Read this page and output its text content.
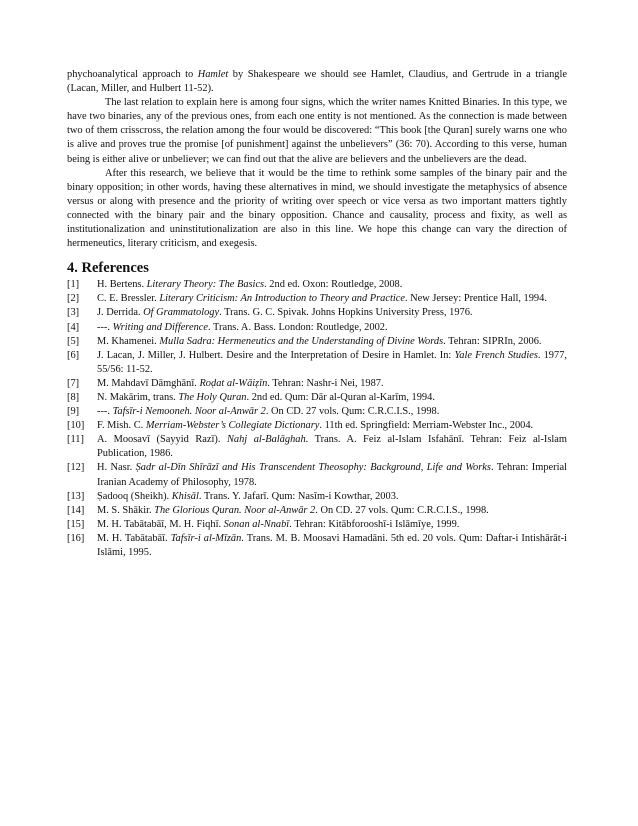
phychoanalytical approach to Hamlet by Shakespeare we should see Hamlet, Claudius, and Gertrude in a triangle (Lacan, Miller, and Hulbert 11-52).

The last relation to explain here is among four signs, which the writer names Knitted Binaries. In this type, we have two binaries, any of the previous ones, from each one entity is not mentioned. As the connection is made between two of them crisscross, the relation among the four would be discovered: “This book [the Quran] surely warns one who is alive and proves true the promise [of punishment] against the unbelievers” (36: 70). According to this verse, human being is either alive or unbeliever; we can find out that the alive are believers and the unbelievers are the dead.

After this research, we believe that it would be the time to rethink some samples of the binary pair and the binary opposition; in other words, having these alternatives in mind, we should investigate the metaphysics of absence versus or along with presence and the priority of writing over speech or vice versa as two important matters tightly connected with the binary pair and the binary opposition. Chance and causality, process and fixity, as well as institutionalization and uninstitutionalization are also in this line. We hope this change can vary the direction of hermeneutics, literary criticism, and exegesis.

4. References
[1]	H. Bertens. Literary Theory: The Basics. 2nd ed. Oxon: Routledge, 2008.
[2]	C. E. Bressler. Literary Criticism: An Introduction to Theory and Practice. New Jersey: Prentice Hall, 1994.
[3]	J. Derrida. Of Grammatology. Trans. G. C. Spivak. Johns Hopkins University Press, 1976.
[4]	---. Writing and Difference. Trans. A. Bass. London: Routledge, 2002.
[5]	M. Khamenei. Mulla Sadra: Hermeneutics and the Understanding of Divine Words. Tehran: SIPRIn, 2006.
[6]	J. Lacan, J. Miller, J. Hulbert. Desire and the Interpretation of Desire in Hamlet. In: Yale French Studies. 1977, 55/56: 11-52.
[7]	M. Mahdavī Dāmghānī. Roḍat al-Wāiẓīn. Tehran: Nashr-i Nei, 1987.
[8]	N. Makārim, trans. The Holy Quran. 2nd ed. Qum: Dār al-Quran al-Karīm, 1994.
[9]	---. Tafsīr-i Nemooneh. Noor al-Anwār 2. On CD. 27 vols. Qum: C.R.C.I.S., 1998.
[10]	F. Mish. C. Merriam-Webster’s Collegiate Dictionary. 11th ed. Springfield: Merriam-Webster Inc., 2004.
[11]	A. Moosavī (Sayyid Razī). Nahj al-Balāghah. Trans. A. Feiz al-Islam Isfahānī. Tehran: Feiz al-Islam Publication, 1986.
[12]	H. Nasr. Ṣadr al-Dīn Shīrāzī and His Transcendent Theosophy: Background, Life and Works. Tehran: Imperial Iranian Academy of Philosophy, 1978.
[13]	Ṣadooq (Sheikh). Khisāl. Trans. Y. Jafarī. Qum: Nasīm-i Kowthar, 2003.
[14]	M. S. Shākir. The Glorious Quran. Noor al-Anwār 2. On CD. 27 vols. Qum: C.R.C.I.S., 1998.
[15]	M. H. Tabātabāī, M. H. Fiqhī. Sonan al-Nnabī. Tehran: Kitābforooshī-i Islāmīye, 1999.
[16]	M. H. Tabātabāī. Tafsīr-i al-Mīzān. Trans. M. B. Moosavi Hamadāni. 5th ed. 20 vols. Qum: Daftar-i Intishārāt-i Islāmi, 1995.
